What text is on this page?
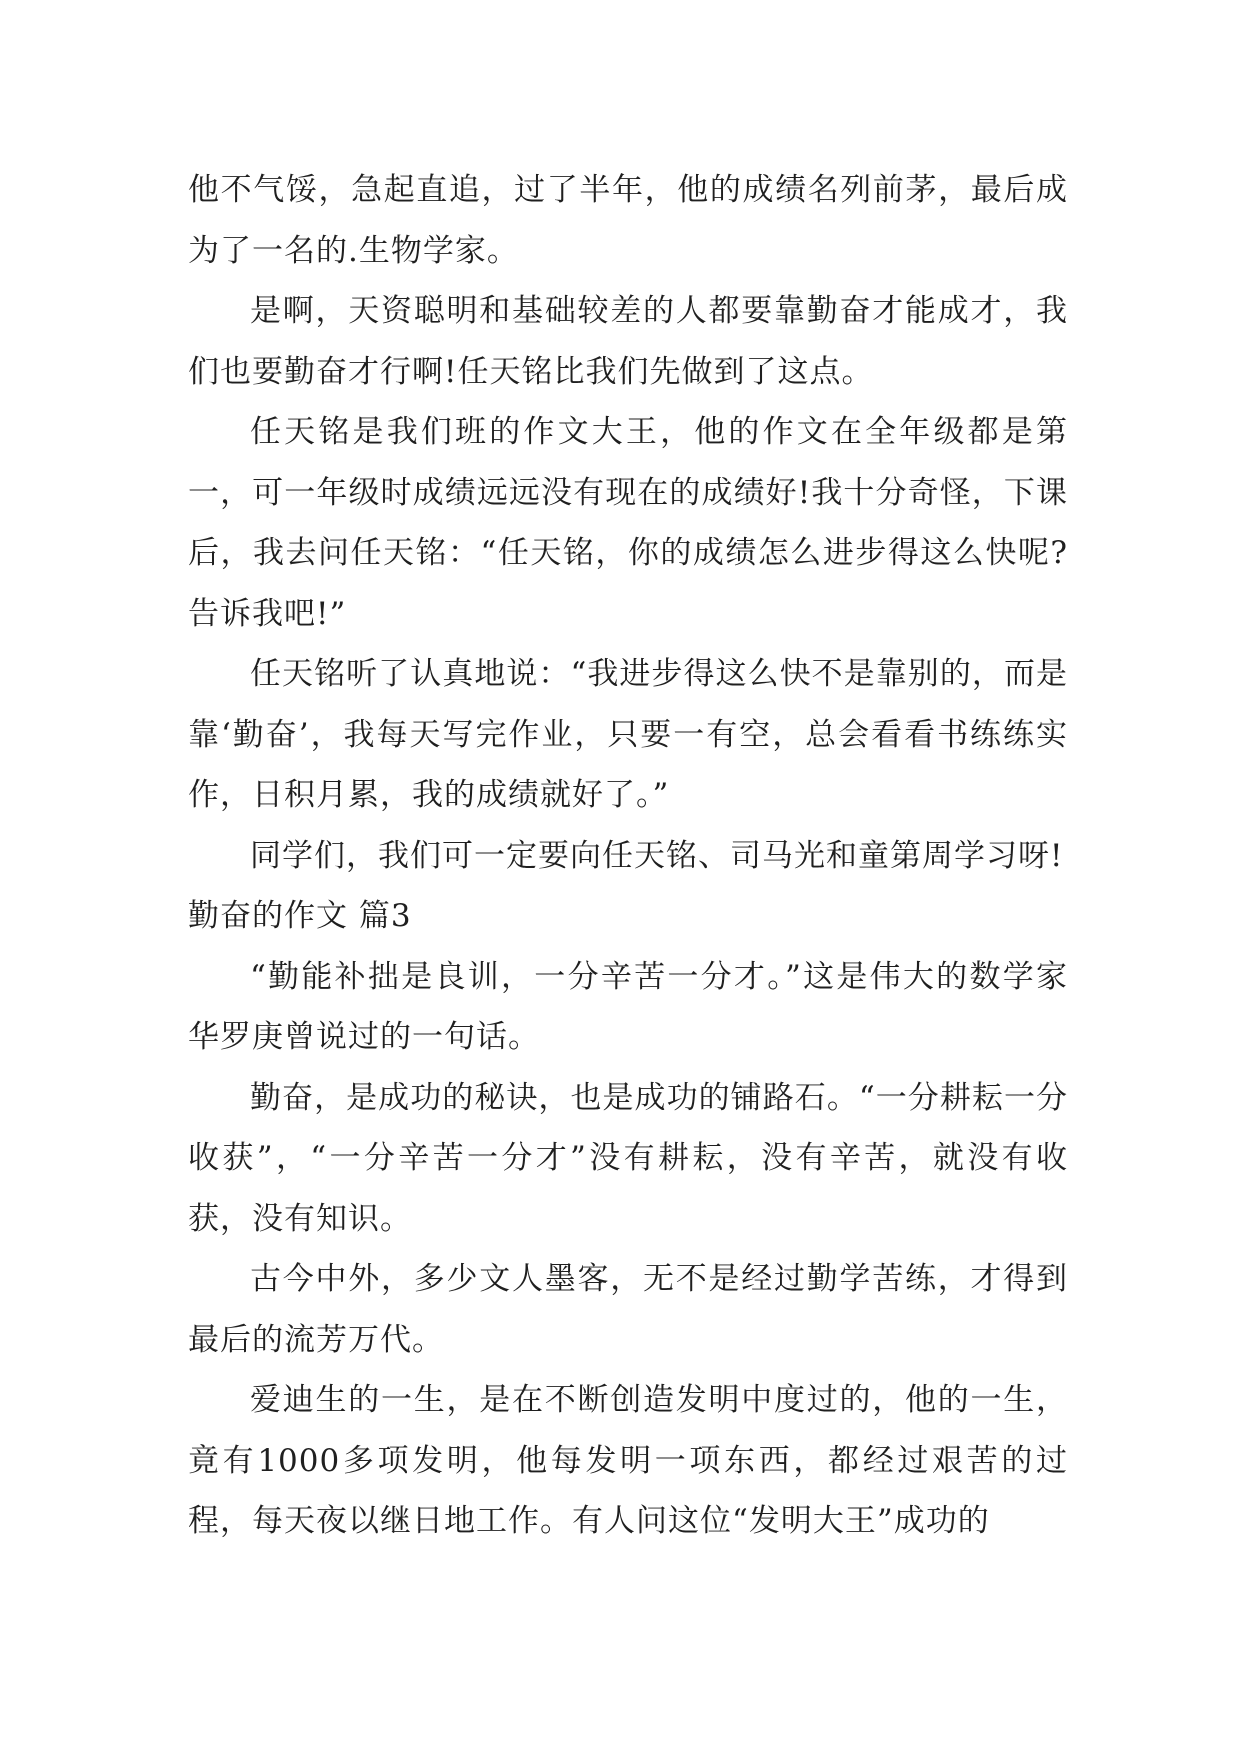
他不气馁，急起直追，过了半年，他的成绩名列前茅，最后成为了一名的.生物学家。

是啊，天资聪明和基础较差的人都要靠勤奋才能成才，我们也要勤奋才行啊!任天铭比我们先做到了这点。

任天铭是我们班的作文大王，他的作文在全年级都是第一，可一年级时成绩远远没有现在的成绩好!我十分奇怪，下课后，我去问任天铭：“任天铭，你的成绩怎么进步得这么快呢?告诉我吧!”

任天铭听了认真地说：“我进步得这么快不是靠别的，而是靠‘勤奋’，我每天写完作业，只要一有空，总会看看书练练实作，日积月累，我的成绩就好了。”

同学们，我们可一定要向任天铭、司马光和童第周学习呀!

勤奋的作文 篇3

“勤能补拙是良训，一分辛苦一分才。”这是伟大的数学家华罗庚曾说过的一句话。

勤奋，是成功的秘诀，也是成功的铺路石。“一分耕耘一分收获”，“一分辛苦一分才”没有耕耘，没有辛苦，就没有收获，没有知识。

古今中外，多少文人墨客，无不是经过勤学苦练，才得到最后的流芳万代。

爱迪生的一生，是在不断创造发明中度过的，他的一生，竟有1000多项发明，他每发明一项东西，都经过艰苦的过程，每天夜以继日地工作。有人问这位“发明大王”成功的
